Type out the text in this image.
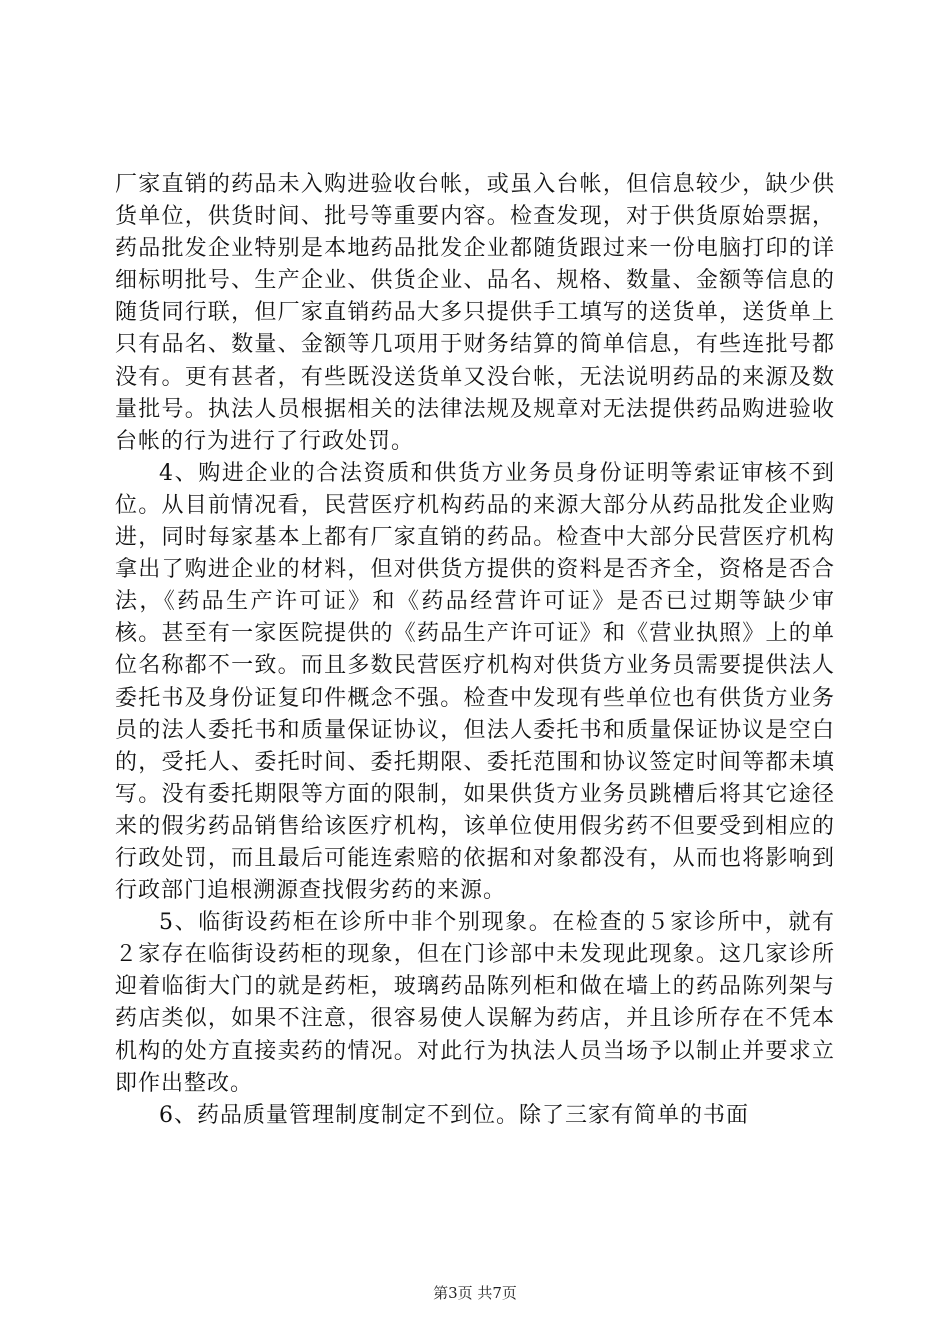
厂家直销的药品未入购进验收台帐，或虽入台帐，但信息较少，缺少供货单位，供货时间、批号等重要内容。检查发现，对于供货原始票据，药品批发企业特别是本地药品批发企业都随货跟过来一份电脑打印的详细标明批号、生产企业、供货企业、品名、规格、数量、金额等信息的随货同行联，但厂家直销药品大多只提供手工填写的送货单，送货单上只有品名、数量、金额等几项用于财务结算的简单信息，有些连批号都没有。更有甚者，有些既没送货单又没台帐，无法说明药品的来源及数量批号。执法人员根据相关的法律法规及规章对无法提供药品购进验收台帐的行为进行了行政处罚。

4、购进企业的合法资质和供货方业务员身份证明等索证审核不到位。从目前情况看，民营医疗机构药品的来源大部分从药品批发企业购进，同时每家基本上都有厂家直销的药品。检查中大部分民营医疗机构拿出了购进企业的材料，但对供货方提供的资料是否齐全，资格是否合法，《药品生产许可证》和《药品经营许可证》是否已过期等缺少审核。甚至有一家医院提供的《药品生产许可证》和《营业执照》上的单位名称都不一致。而且多数民营医疗机构对供货方业务员需要提供法人委托书及身份证复印件概念不强。检查中发现有些单位也有供货方业务员的法人委托书和质量保证协议，但法人委托书和质量保证协议是空白的，受托人、委托时间、委托期限、委托范围和协议签定时间等都未填写。没有委托期限等方面的限制，如果供货方业务员跳槽后将其它途径来的假劣药品销售给该医疗机构，该单位使用假劣药不但要受到相应的行政处罚，而且最后可能连索赔的依据和对象都没有，从而也将影响到行政部门追根溯源查找假劣药的来源。

5、临街设药柜在诊所中非个别现象。在检查的５家诊所中，就有２家存在临街设药柜的现象，但在门诊部中未发现此现象。这几家诊所迎着临街大门的就是药柜，玻璃药品陈列柜和做在墙上的药品陈列架与药店类似，如果不注意，很容易使人误解为药店，并且诊所存在不凭本机构的处方直接卖药的情况。对此行为执法人员当场予以制止并要求立即作出整改。

6、药品质量管理制度制定不到位。除了三家有简单的书面

第3页 共7页
